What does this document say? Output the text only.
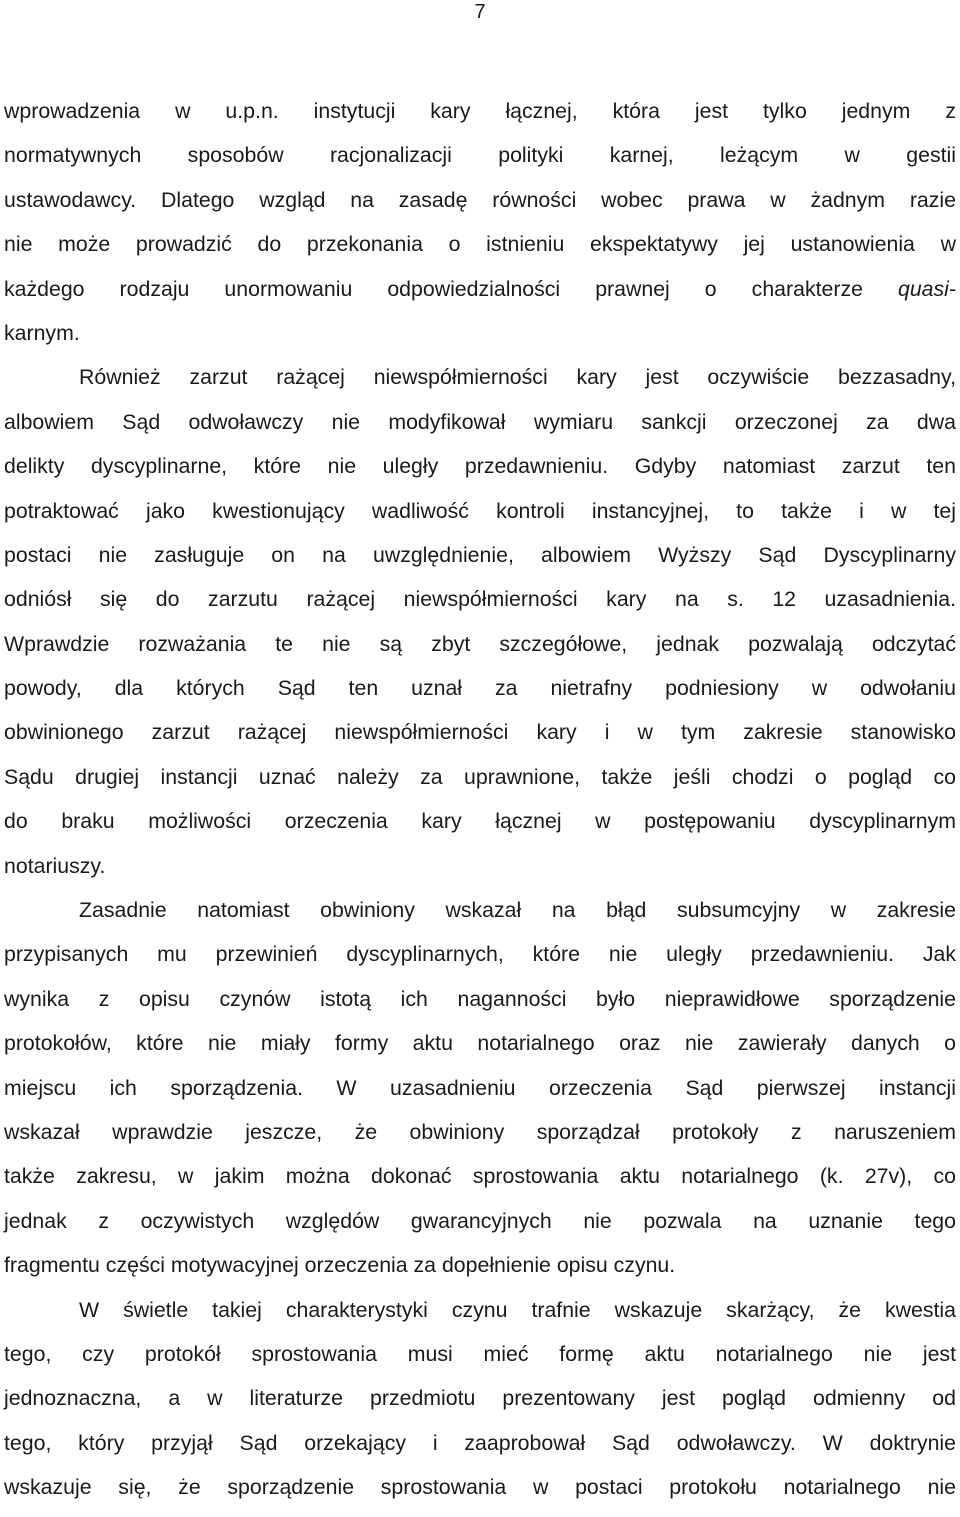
7
wprowadzenia w u.p.n. instytucji kary łącznej, która jest tylko jednym z
normatywnych sposobów racjonalizacji polityki karnej, leżącym w gestii
ustawodawcy. Dlatego wzgląd na zasadę równości wobec prawa w żadnym razie
nie może prowadzić do przekonania o istnieniu ekspektatywy jej ustanowienia w
każdego rodzaju unormowaniu odpowiedzialności prawnej o charakterze quasi-
karnym.
Również zarzut rażącej niewspółmierności kary jest oczywiście bezzasadny,
albowiem Sąd odwoławczy nie modyfikował wymiaru sankcji orzeczonej za dwa
delikty dyscyplinarne, które nie uległy przedawnieniu. Gdyby natomiast zarzut ten
potraktować jako kwestionujący wadliwość kontroli instancyjnej, to także i w tej
postaci nie zasługuje on na uwzględnienie, albowiem Wyższy Sąd Dyscyplinarny
odniósł się do zarzutu rażącej niewspółmierności kary na s. 12 uzasadnienia.
Wprawdzie rozważania te nie są zbyt szczegółowe, jednak pozwalają odczytać
powody, dla których Sąd ten uznał za nietrafny podniesiony w odwołaniu
obwinionego zarzut rażącej niewspółmierności kary i w tym zakresie stanowisko
Sądu drugiej instancji uznać należy za uprawnione, także jeśli chodzi o pogląd co
do braku możliwości orzeczenia kary łącznej w postępowaniu dyscyplinarnym
notariuszy.
Zasadnie natomiast obwiniony wskazał na błąd subsumcyjny w zakresie
przypisanych mu przewinień dyscyplinarnych, które nie uległy przedawnieniu. Jak
wynika z opisu czynów istotą ich naganności było nieprawidłowe sporządzenie
protokołów, które nie miały formy aktu notarialnego oraz nie zawierały danych o
miejscu ich sporządzenia. W uzasadnieniu orzeczenia Sąd pierwszej instancji
wskazał wprawdzie jeszcze, że obwiniony sporządzał protokoły z naruszeniem
także zakresu, w jakim można dokonać sprostowania aktu notarialnego (k. 27v), co
jednak z oczywistych względów gwarancyjnych nie pozwala na uznanie tego
fragmentu części motywacyjnej orzeczenia za dopełnienie opisu czynu.
W świetle takiej charakterystyki czynu trafnie wskazuje skarżący, że kwestia
tego, czy protokół sprostowania musi mieć formę aktu notarialnego nie jest
jednoznaczna, a w literaturze przedmiotu prezentowany jest pogląd odmienny od
tego, który przyjął Sąd orzekający i zaaprobował Sąd odwoławczy. W doktrynie
wskazuje się, że sporządzenie sprostowania w postaci protokołu notarialnego nie
